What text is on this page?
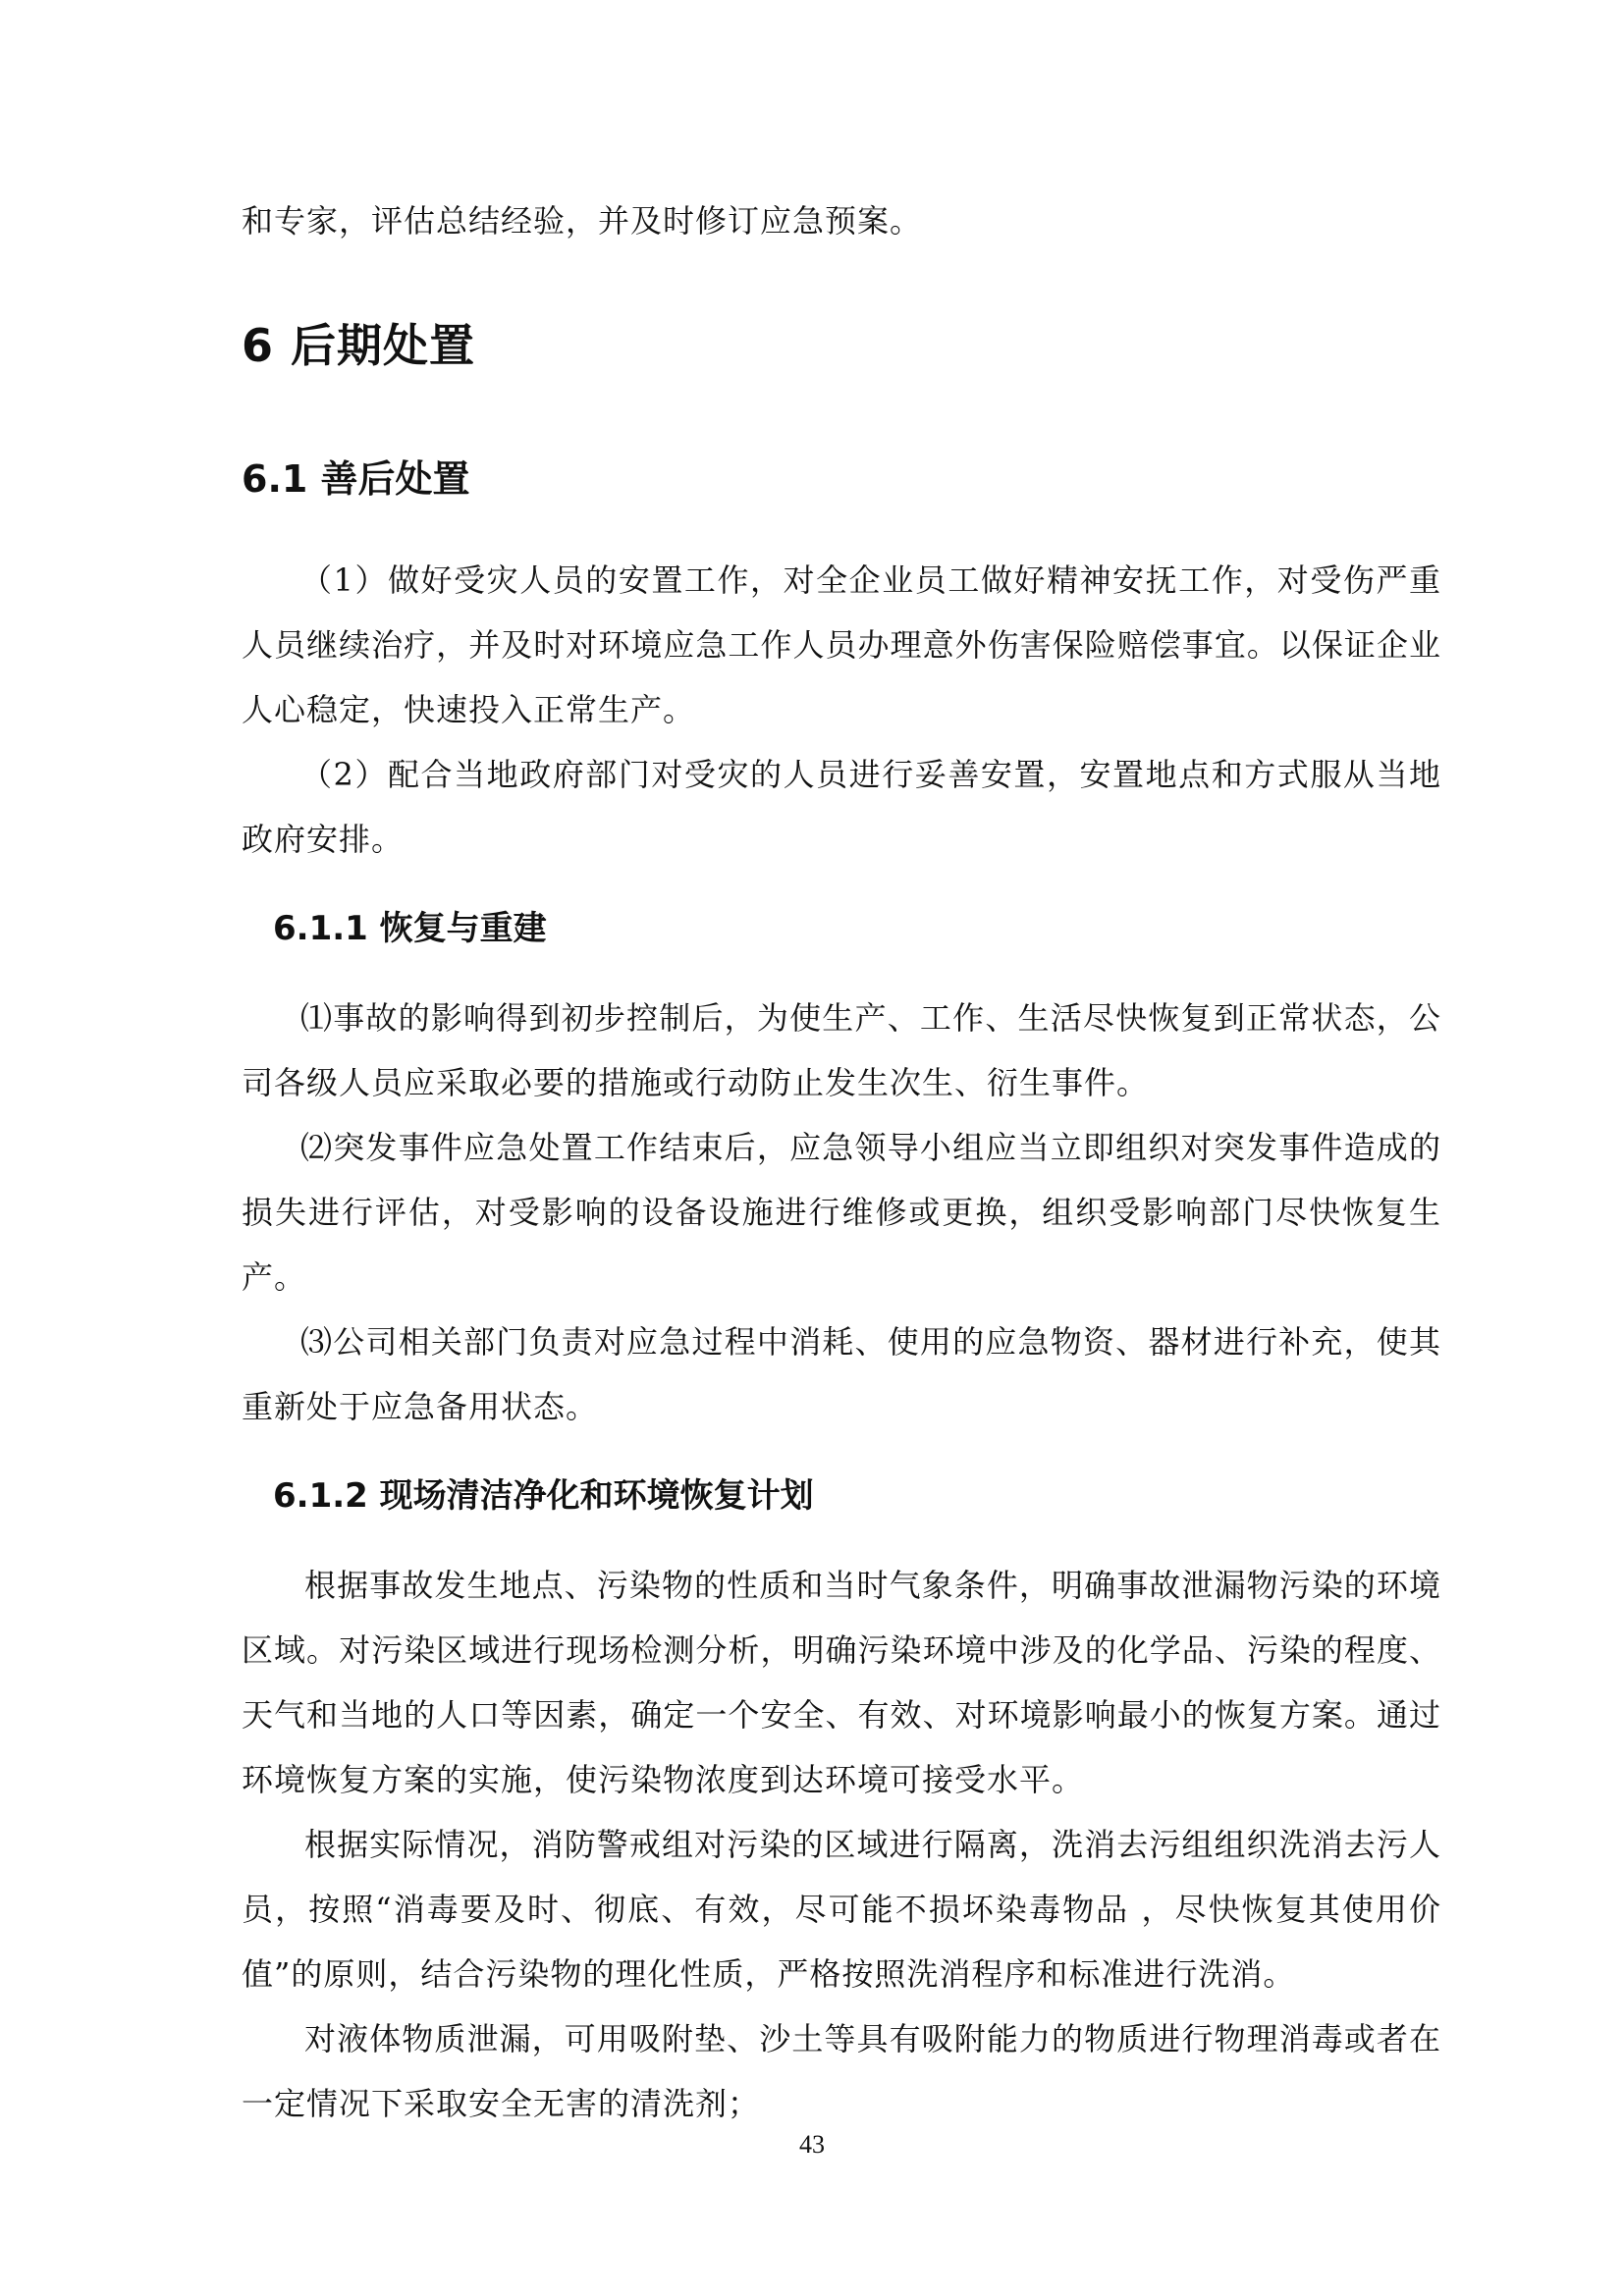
和专家，评估总结经验，并及时修订应急预案。

6 后期处置
6.1 善后处置

（1）做好受灾人员的安置工作，对全企业员工做好精神安抚工作，对受伤严重人员继续治疗，并及时对环境应急工作人员办理意外伤害保险赔偿事宜。以保证企业人心稳定，快速投入正常生产。

（2）配合当地政府部门对受灾的人员进行妥善安置，安置地点和方式服从当地政府安排。

6.1.1 恢复与重建

⑴事故的影响得到初步控制后，为使生产、工作、生活尽快恢复到正常状态，公司各级人员应采取必要的措施或行动防止发生次生、衍生事件。

⑵突发事件应急处置工作结束后，应急领导小组应当立即组织对突发事件造成的损失进行评估，对受影响的设备设施进行维修或更换，组织受影响部门尽快恢复生产。

⑶公司相关部门负责对应急过程中消耗、使用的应急物资、器材进行补充，使其重新处于应急备用状态。

6.1.2 现场清洁净化和环境恢复计划

根据事故发生地点、污染物的性质和当时气象条件，明确事故泄漏物污染的环境区域。对污染区域进行现场检测分析，明确污染环境中涉及的化学品、污染的程度、天气和当地的人口等因素，确定一个安全、有效、对环境影响最小的恢复方案。通过环境恢复方案的实施，使污染物浓度到达环境可接受水平。

根据实际情况，消防警戒组对污染的区域进行隔离，洗消去污组组织洗消去污人员，按照“消毒要及时、彻底、有效，尽可能不损坏染毒物品 ，尽快恢复其使用价值”的原则，结合污染物的理化性质，严格按照洗消程序和标准进行洗消。

对液体物质泄漏，可用吸附垫、沙土等具有吸附能力的物质进行物理消毒或者在一定情况下采取安全无害的清洗剂；

43
